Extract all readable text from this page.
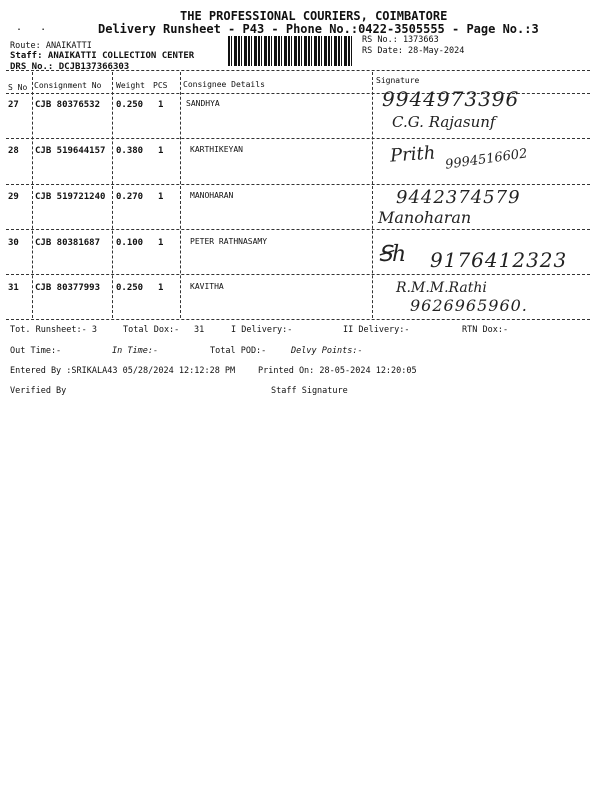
THE PROFESSIONAL COURIERS, COIMBATORE
.   .	Delivery Runsheet - P43 - Phone No.:0422-3505555 - Page No.:3
Route: ANAIKATTI
Staff: ANAIKATTI COLLECTION CENTER
DRS No.: DCJB137366303
RS No.: 1373663
RS Date: 28-May-2024
S No Consignment No Weight PCS Consignee Details	Signature
27 CJB 80376532 0.250 1	SANDHYA	9944973396
C.G. Rajasunf
28 CJB 519644157 0.380 1	KARTHIKEYAN	Prith 9994516602
29 CJB 519721240 0.270 1	MANOHARAN	9442374579
Manoharan
30 CJB 80381687 0.100 1	PETER RATHNASAMY
Ꞩh 9176412323
31 CJB 80377993 0.250 1	KAVITHA	R.M.M.Rathi
9626965960.
Tot. Runsheet:- 3	Total Dox:- 31	I Delivery:-	II Delivery:-	RTN Dox:-
Out Time:-	In Time:-	Total POD:-	Delvy Points:-
Entered By :SRIKALA43 05/28/2024 12:12:28 PM	Printed On: 28-05-2024 12:20:05
Verified By	Staff Signature
